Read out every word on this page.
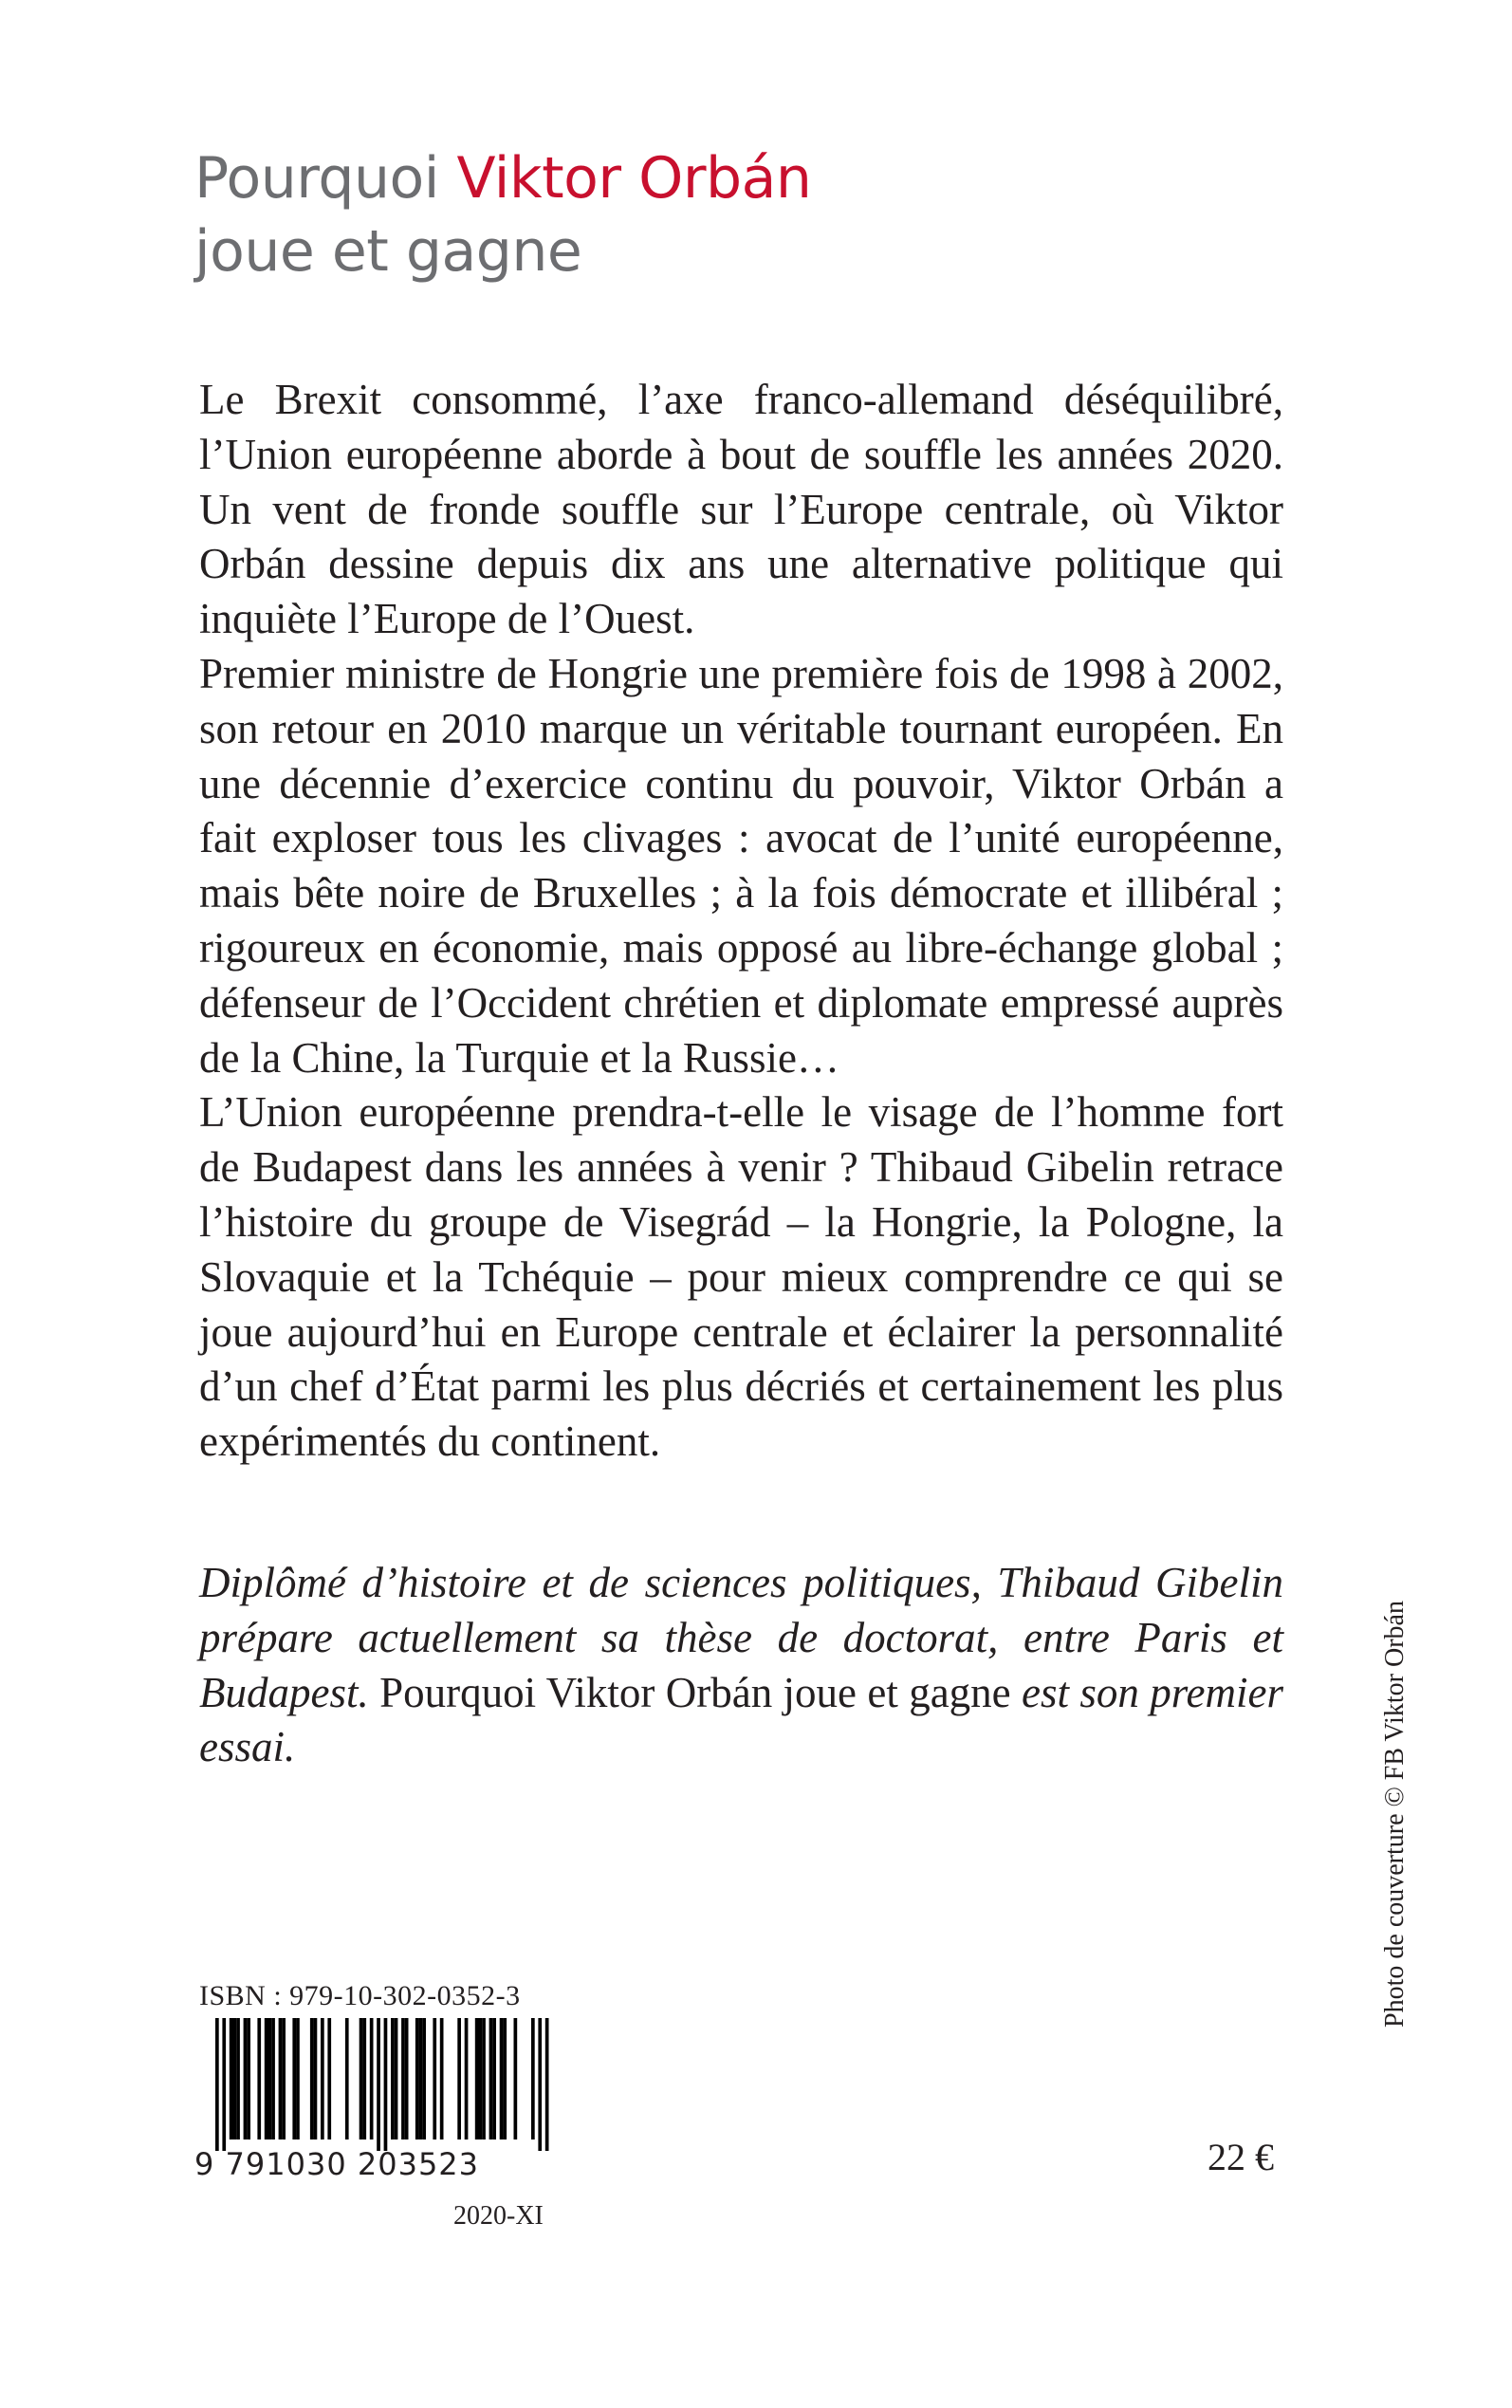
Pourquoi Viktor Orbán
joue et gagne

Le Brexit consommé, l’axe franco-allemand déséquilibré, l’Union européenne aborde à bout de souffle les années 2020. Un vent de fronde souffle sur l’Europe centrale, où Viktor Orbán dessine depuis dix ans une alternative politique qui inquiète l’Europe de l’Ouest.

Premier ministre de Hongrie une première fois de 1998 à 2002, son retour en 2010 marque un véritable tournant européen. En une décennie d’exercice continu du pouvoir, Viktor Orbán a fait exploser tous les clivages : avocat de l’unité européenne, mais bête noire de Bruxelles ; à la fois démocrate et illibéral ; rigoureux en économie, mais opposé au libre-échange global ; défenseur de l’Occident chrétien et diplomate empressé auprès de la Chine, la Turquie et la Russie…

L’Union européenne prendra-t-elle le visage de l’homme fort de Budapest dans les années à venir ? Thibaud Gibelin retrace l’histoire du groupe de Visegrád – la Hongrie, la Pologne, la Slovaquie et la Tchéquie – pour mieux comprendre ce qui se joue aujourd’hui en Europe centrale et éclairer la personnalité d’un chef d’État parmi les plus décriés et certainement les plus expérimentés du continent.

Diplômé d’histoire et de sciences politiques, Thibaud Gibelin prépare actuellement sa thèse de doctorat, entre Paris et Budapest. Pourquoi Viktor Orbán joue et gagne est son premier essai.	Photo de couverture © FB Viktor Orbán
ISBN : 979-10-302-0352-3
9 791030 203523
2020-XI
22 €
